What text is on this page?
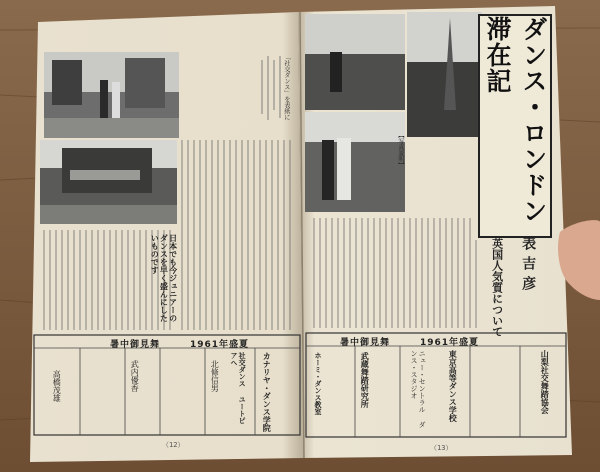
ダンス・ロンドン滞在記
表吉彦
英国人気質について
「社交ダンス」を表紙に
【写真説明】
日本でも今ジュニアーのダンスを早く盛んにしたいものです
暑中御見舞	1961年盛夏	暑中御見舞	1961年盛夏
カナリヤ・ダンス学院
社交ダンス ユートピアへ
北條信男
武内優香
高橋茂雄	武蔵舞踏研究所	東京高等ダンス学校
ニュー・セントラル ダンス・スタジオ
ホーミ・ダンス教室	山梨社交舞踏協会
（12）	（13）
